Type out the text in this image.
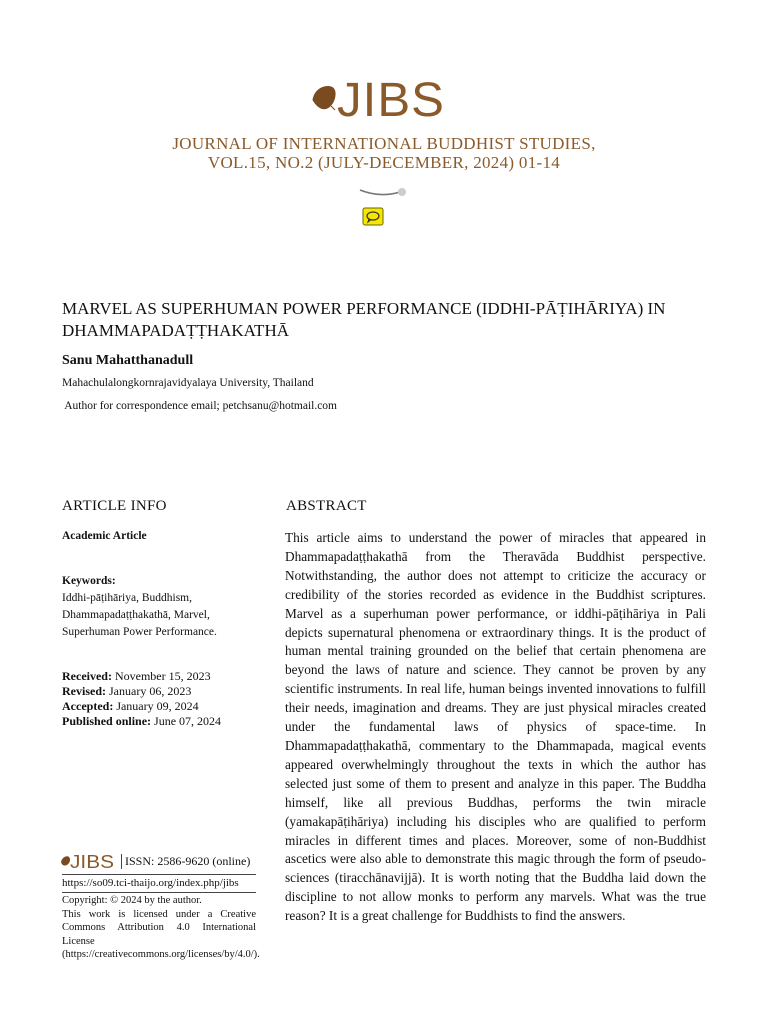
JIBS
JOURNAL OF INTERNATIONAL BUDDHIST STUDIES,
VOL.15, NO.2 (JULY-DECEMBER, 2024) 01-14
MARVEL AS SUPERHUMAN POWER PERFORMANCE (IDDHI-PĀṬIHĀRIYA) IN DHAMMAPADAṬṬHAKATHĀ
Sanu Mahatthanadull
Mahachulalongkornrajavidyalaya University, Thailand
Author for correspondence email; petchsanu@hotmail.com
ARTICLE INFO
Academic Article
Keywords:
Iddhi-pāṭihāriya, Buddhism,
Dhammapadaṭṭhakathā, Marvel,
Superhuman Power Performance.
Received: November 15, 2023
Revised: January 06, 2023
Accepted: January 09, 2024
Published online: June 07, 2024
JIBS ISSN: 2586-9620 (online)
https://so09.tci-thaijo.org/index.php/jibs
Copyright: © 2024 by the author.
This work is licensed under a Creative Commons Attribution 4.0 International License (https://creativecommons.org/licenses/by/4.0/).
ABSTRACT
This article aims to understand the power of miracles that appeared in Dhammapadaṭṭhakathā from the Theravāda Buddhist perspective. Notwithstanding, the author does not attempt to criticize the accuracy or credibility of the stories recorded as evidence in the Buddhist scriptures. Marvel as a superhuman power performance, or iddhi-pāṭihāriya in Pali depicts supernatural phenomena or extraordinary things. It is the product of human mental training grounded on the belief that certain phenomena are beyond the laws of nature and science. They cannot be proven by any scientific instruments. In real life, human beings invented innovations to fulfill their needs, imagination and dreams. They are just physical miracles created under the fundamental laws of physics of space-time. In Dhammapadaṭṭhakathā, commentary to the Dhammapada, magical events appeared overwhelmingly throughout the texts in which the author has selected just some of them to present and analyze in this paper. The Buddha himself, like all previous Buddhas, performs the twin miracle (yamakapāṭihāriya) including his disciples who are qualified to perform miracles in different times and places. Moreover, some of non-Buddhist ascetics were also able to demonstrate this magic through the form of pseudo-sciences (tiracchānavijjā). It is worth noting that the Buddha laid down the discipline to not allow monks to perform any marvels. What was the true reason? It is a great challenge for Buddhists to find the answers.
